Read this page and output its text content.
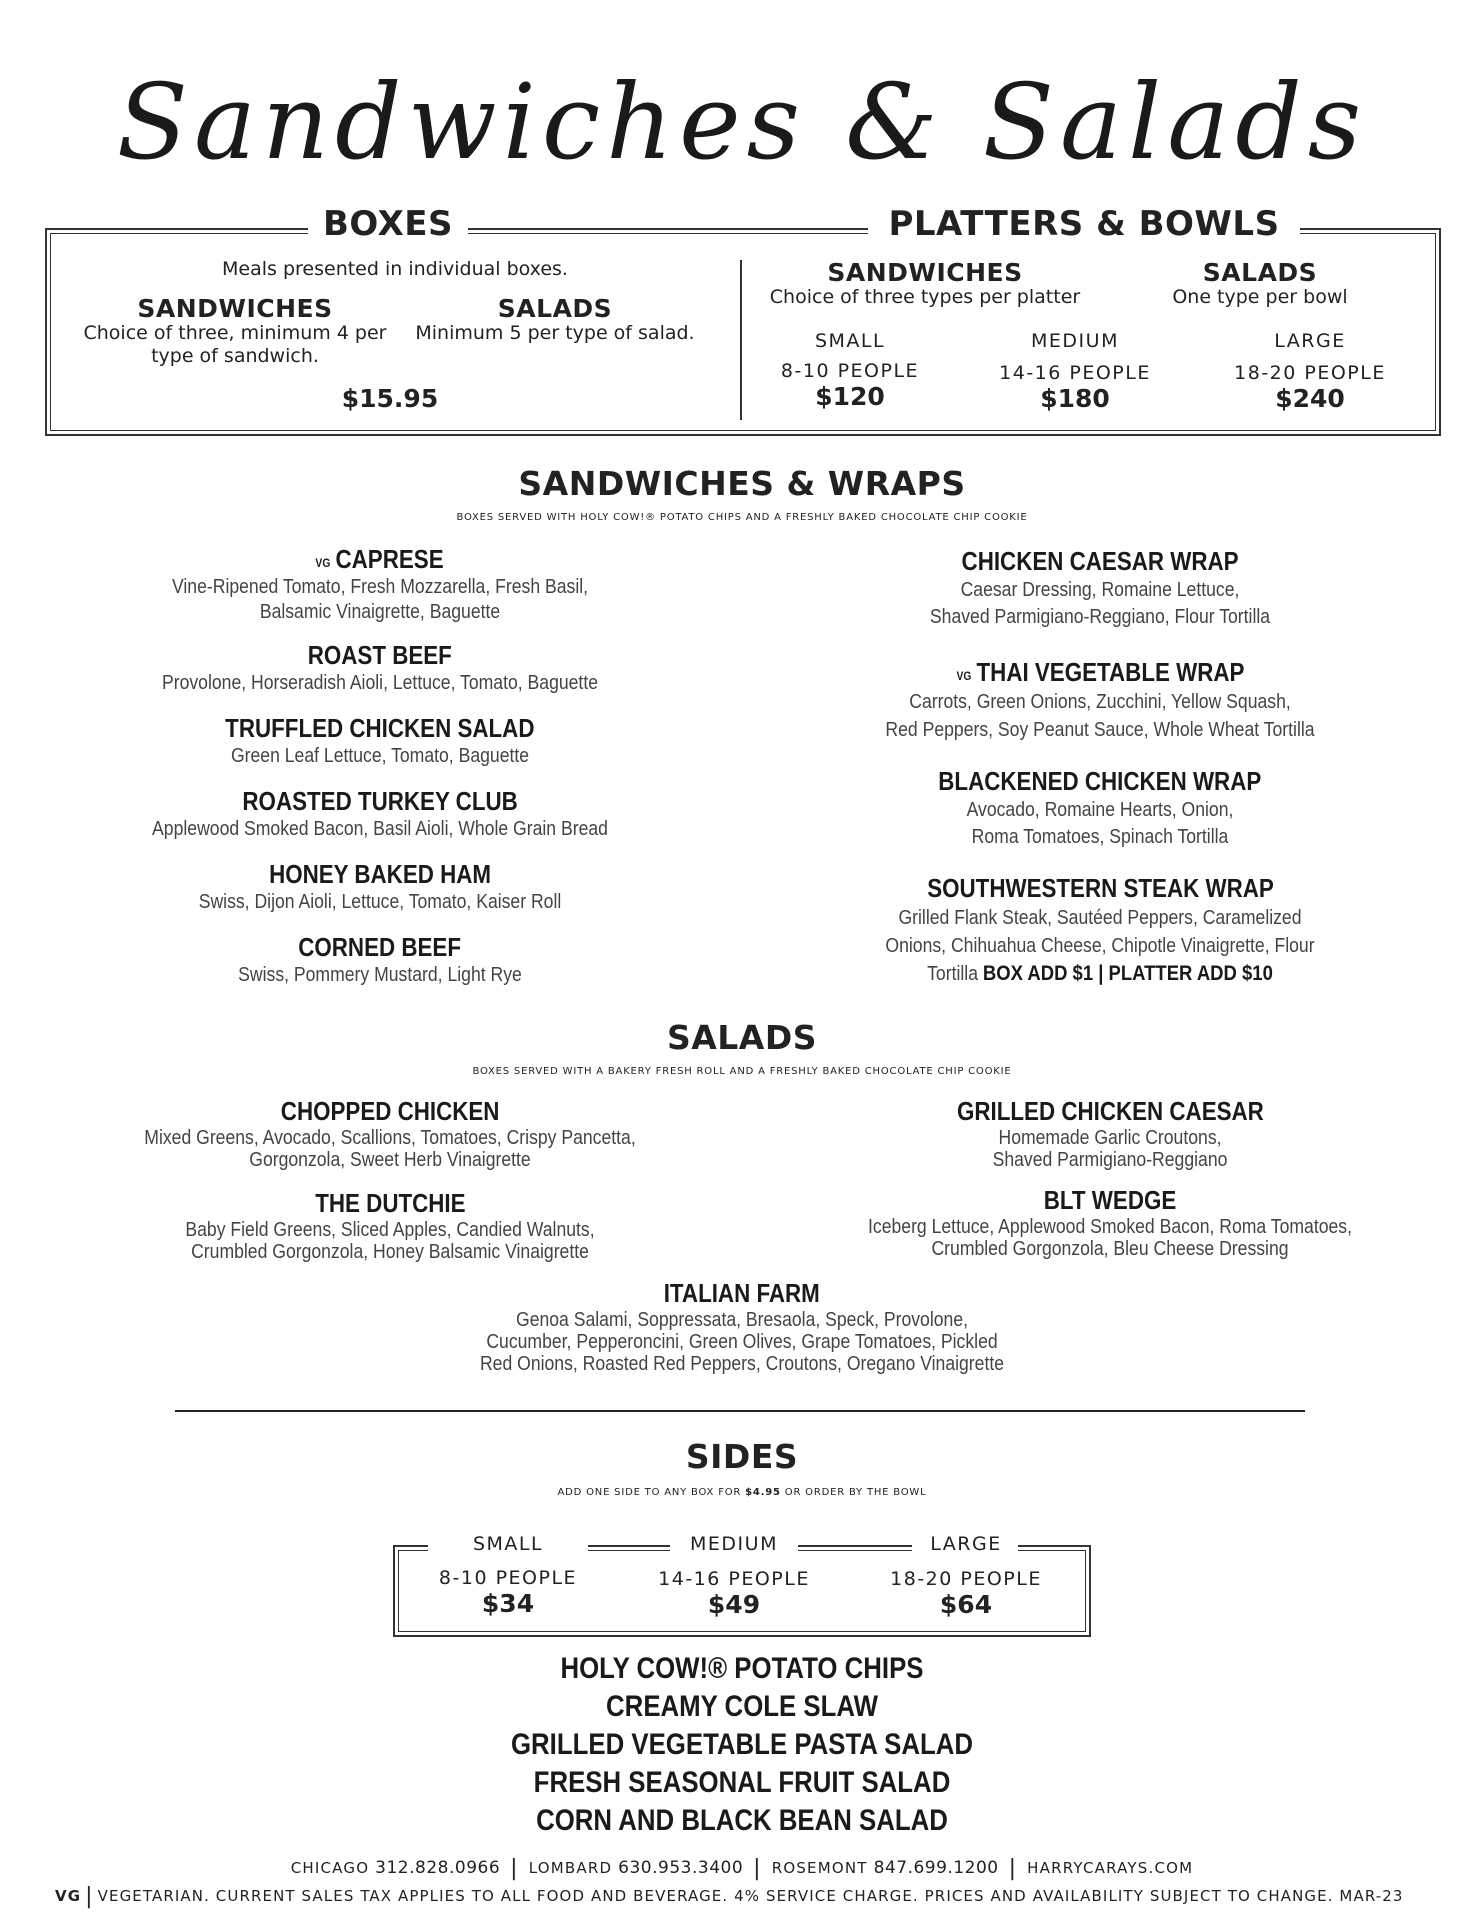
Sandwiches & Salads
BOXES
Meals presented in individual boxes.
SANDWICHES
Choice of three, minimum 4 per
type of sandwich.
SALADS
Minimum 5 per type of salad.
$15.95
PLATTERS & BOWLS
SANDWICHES
Choice of three types per platter
SALADS
One type per bowl
SMALL
8-10 PEOPLE
$120
MEDIUM
14-16 PEOPLE
$180
LARGE
18-20 PEOPLE
$240
SANDWICHES & WRAPS
BOXES SERVED WITH HOLY COW!® POTATO CHIPS AND A FRESHLY BAKED CHOCOLATE CHIP COOKIE
VG CAPRESE
Vine-Ripened Tomato, Fresh Mozzarella, Fresh Basil,
Balsamic Vinaigrette, Baguette
ROAST BEEF
Provolone, Horseradish Aioli, Lettuce, Tomato, Baguette
TRUFFLED CHICKEN SALAD
Green Leaf Lettuce, Tomato, Baguette
ROASTED TURKEY CLUB
Applewood Smoked Bacon, Basil Aioli, Whole Grain Bread
HONEY BAKED HAM
Swiss, Dijon Aioli, Lettuce, Tomato, Kaiser Roll
CORNED BEEF
Swiss, Pommery Mustard, Light Rye
CHICKEN CAESAR WRAP
Caesar Dressing, Romaine Lettuce,
Shaved Parmigiano-Reggiano, Flour Tortilla
VG THAI VEGETABLE WRAP
Carrots, Green Onions, Zucchini, Yellow Squash,
Red Peppers, Soy Peanut Sauce, Whole Wheat Tortilla
BLACKENED CHICKEN WRAP
Avocado, Romaine Hearts, Onion,
Roma Tomatoes, Spinach Tortilla
SOUTHWESTERN STEAK WRAP
Grilled Flank Steak, Sautéed Peppers, Caramelized
Onions, Chihuahua Cheese, Chipotle Vinaigrette, Flour
Tortilla BOX ADD $1 | PLATTER ADD $10
SALADS
BOXES SERVED WITH A BAKERY FRESH ROLL AND A FRESHLY BAKED CHOCOLATE CHIP COOKIE
CHOPPED CHICKEN
Mixed Greens, Avocado, Scallions, Tomatoes, Crispy Pancetta,
Gorgonzola, Sweet Herb Vinaigrette
GRILLED CHICKEN CAESAR
Homemade Garlic Croutons,
Shaved Parmigiano-Reggiano
THE DUTCHIE
Baby Field Greens, Sliced Apples, Candied Walnuts,
Crumbled Gorgonzola, Honey Balsamic Vinaigrette
BLT WEDGE
Iceberg Lettuce, Applewood Smoked Bacon, Roma Tomatoes,
Crumbled Gorgonzola, Bleu Cheese Dressing
ITALIAN FARM
Genoa Salami, Soppressata, Bresaola, Speck, Provolone,
Cucumber, Pepperoncini, Green Olives, Grape Tomatoes, Pickled
Red Onions, Roasted Red Peppers, Croutons, Oregano Vinaigrette
SIDES
ADD ONE SIDE TO ANY BOX FOR $4.95 OR ORDER BY THE BOWL
SMALL
8-10 PEOPLE
$34
MEDIUM
14-16 PEOPLE
$49
LARGE
18-20 PEOPLE
$64
HOLY COW!® POTATO CHIPS
CREAMY COLE SLAW
GRILLED VEGETABLE PASTA SALAD
FRESH SEASONAL FRUIT SALAD
CORN AND BLACK BEAN SALAD
CHICAGO 312.828.0966 | LOMBARD 630.953.3400 | ROSEMONT 847.699.1200 | HARRYCARAYS.COM
VG | VEGETARIAN. CURRENT SALES TAX APPLIES TO ALL FOOD AND BEVERAGE. 4% SERVICE CHARGE. PRICES AND AVAILABILITY SUBJECT TO CHANGE. MAR-23
